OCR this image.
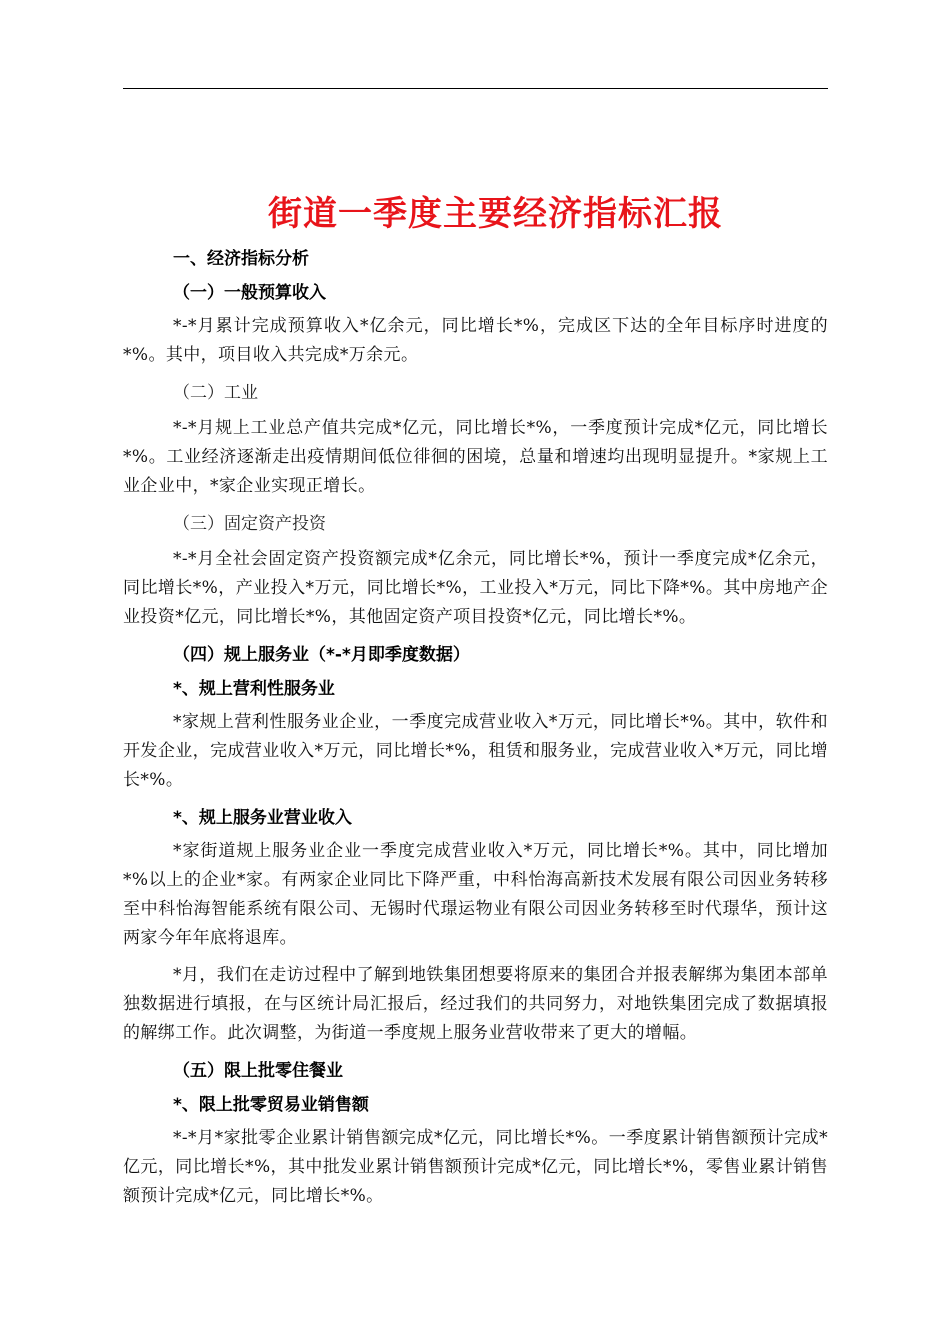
街道一季度主要经济指标汇报

一、经济指标分析

（一）一般预算收入

*-*月累计完成预算收入*亿余元，同比增长*%，完成区下达的全年目标序时进度的*%。其中，项目收入共完成*万余元。

（二）工业

*-*月规上工业总产值共完成*亿元，同比增长*%，一季度预计完成*亿元，同比增长*%。工业经济逐渐走出疫情期间低位徘徊的困境，总量和增速均出现明显提升。*家规上工业企业中，*家企业实现正增长。

（三）固定资产投资

*-*月全社会固定资产投资额完成*亿余元，同比增长*%，预计一季度完成*亿余元，同比增长*%，产业投入*万元，同比增长*%，工业投入*万元，同比下降*%。其中房地产企业投资*亿元，同比增长*%，其他固定资产项目投资*亿元，同比增长*%。

（四）规上服务业（*-*月即季度数据）

*、规上营利性服务业

*家规上营利性服务业企业，一季度完成营业收入*万元，同比增长*%。其中，软件和开发企业，完成营业收入*万元，同比增长*%，租赁和服务业，完成营业收入*万元，同比增长*%。

*、规上服务业营业收入

*家街道规上服务业企业一季度完成营业收入*万元，同比增长*%。其中，同比增加*%以上的企业*家。有两家企业同比下降严重，中科怡海高新技术发展有限公司因业务转移至中科怡海智能系统有限公司、无锡时代璟运物业有限公司因业务转移至时代璟华，预计这两家今年年底将退库。

*月，我们在走访过程中了解到地铁集团想要将原来的集团合并报表解绑为集团本部单独数据进行填报，在与区统计局汇报后，经过我们的共同努力，对地铁集团完成了数据填报的解绑工作。此次调整，为街道一季度规上服务业营收带来了更大的增幅。

（五）限上批零住餐业

*、限上批零贸易业销售额

*-*月*家批零企业累计销售额完成*亿元，同比增长*%。一季度累计销售额预计完成*亿元，同比增长*%，其中批发业累计销售额预计完成*亿元，同比增长*%，零售业累计销售额预计完成*亿元，同比增长*%。
